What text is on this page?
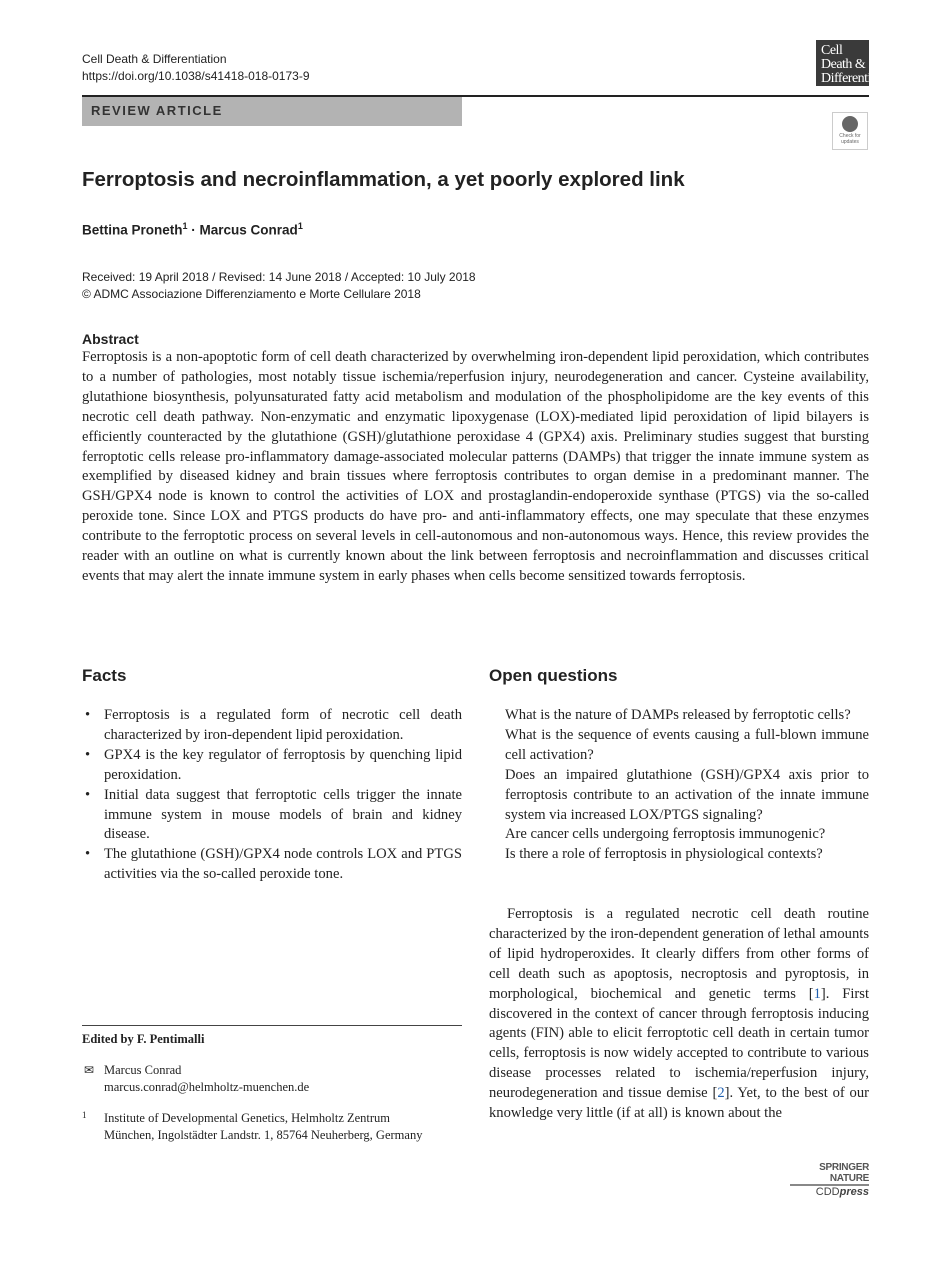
Cell Death & Differentiation
https://doi.org/10.1038/s41418-018-0173-9
Cell Death &
Differentiation
REVIEW ARTICLE
Check for updates
Ferroptosis and necroinflammation, a yet poorly explored link
Bettina Proneth$^1$ · Marcus Conrad$^1$
Received: 19 April 2018 / Revised: 14 June 2018 / Accepted: 10 July 2018
© ADMC Associazione Differenziamento e Morte Cellulare 2018
Abstract
Ferroptosis is a non-apoptotic form of cell death characterized by overwhelming iron-dependent lipid peroxidation, which contributes to a number of pathologies, most notably tissue ischemia/reperfusion injury, neurodegeneration and cancer. Cysteine availability, glutathione biosynthesis, polyunsaturated fatty acid metabolism and modulation of the phospholipidome are the key events of this necrotic cell death pathway. Non-enzymatic and enzymatic lipoxygenase (LOX)-mediated lipid peroxidation of lipid bilayers is efficiently counteracted by the glutathione (GSH)/glutathione peroxidase 4 (GPX4) axis. Preliminary studies suggest that bursting ferroptotic cells release pro-inflammatory damage-associated molecular patterns (DAMPs) that trigger the innate immune system as exemplified by diseased kidney and brain tissues where ferroptosis contributes to organ demise in a predominant manner. The GSH/GPX4 node is known to control the activities of LOX and prostaglandin-endoperoxide synthase (PTGS) via the so-called peroxide tone. Since LOX and PTGS products do have pro- and anti-inflammatory effects, one may speculate that these enzymes contribute to the ferroptotic process on several levels in cell-autonomous and non-autonomous ways. Hence, this review provides the reader with an outline on what is currently known about the link between ferroptosis and necroinflammation and discusses critical events that may alert the innate immune system in early phases when cells become sensitized towards ferroptosis.
Facts
• Ferroptosis is a regulated form of necrotic cell death characterized by iron-dependent lipid peroxidation.
• GPX4 is the key regulator of ferroptosis by quenching lipid peroxidation.
• Initial data suggest that ferroptotic cells trigger the innate immune system in mouse models of brain and kidney disease.
• The glutathione (GSH)/GPX4 node controls LOX and PTGS activities via the so-called peroxide tone.
Open questions
What is the nature of DAMPs released by ferroptotic cells?
What is the sequence of events causing a full-blown immune cell activation?
Does an impaired glutathione (GSH)/GPX4 axis prior to ferroptosis contribute to an activation of the innate immune system via increased LOX/PTGS signaling?
Are cancer cells undergoing ferroptosis immunogenic?
Is there a role of ferroptosis in physiological contexts?
Ferroptosis is a regulated necrotic cell death routine characterized by the iron-dependent generation of lethal amounts of lipid hydroperoxides. It clearly differs from other forms of cell death such as apoptosis, necroptosis and pyroptosis, in morphological, biochemical and genetic terms [1]. First discovered in the context of cancer through ferroptosis inducing agents (FIN) able to elicit ferroptotic cell death in certain tumor cells, ferroptosis is now widely accepted to contribute to various disease processes related to ischemia/reperfusion injury, neurodegeneration and tissue demise [2]. Yet, to the best of our knowledge very little (if at all) is known about the
Edited by F. Pentimalli
✉ Marcus Conrad
marcus.conrad@helmholtz-muenchen.de
1	Institute of Developmental Genetics, Helmholtz Zentrum
München, Ingolstädter Landstr. 1, 85764 Neuherberg, Germany
SPRINGER NATURE
CDDpress
